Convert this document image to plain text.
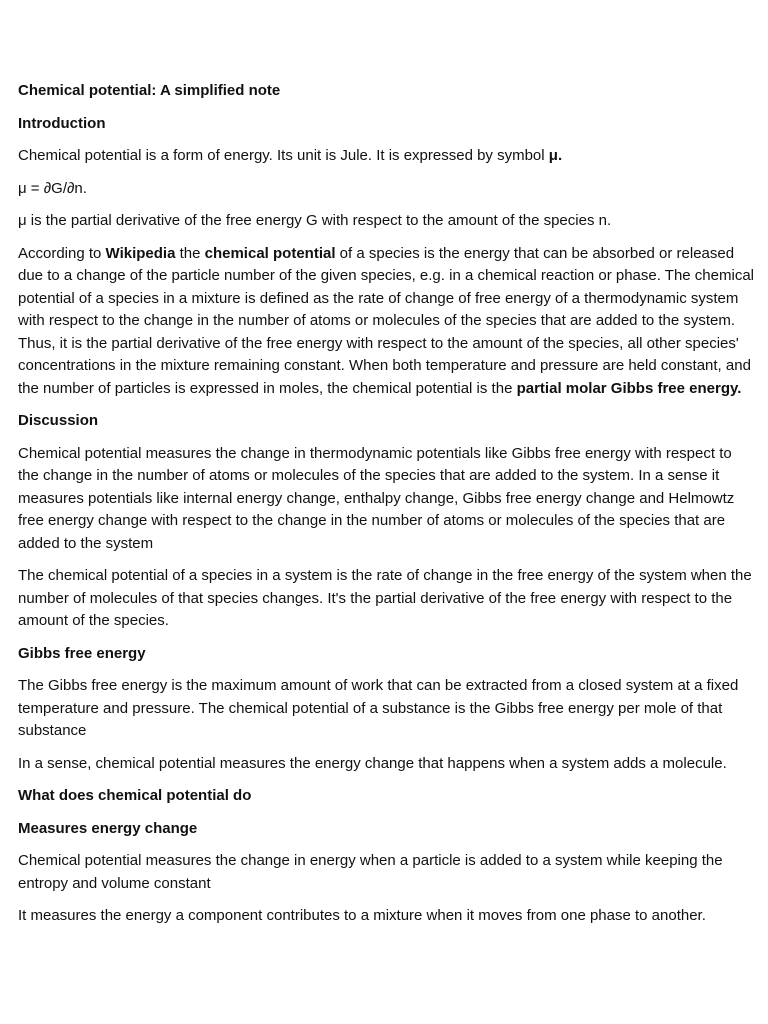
Chemical potential: A simplified note

Introduction

Chemical potential is a form of energy. Its unit is Jule. It is expressed by symbol μ.

μ = ∂G/∂n.

μ is the partial derivative of the free energy G with respect to the amount of the species n.

According to Wikipedia the chemical potential of a species is the energy that can be absorbed or released due to a change of the particle number of the given species, e.g. in a chemical reaction or phase. The chemical potential of a species in a mixture is defined as the rate of change of free energy of a thermodynamic system with respect to the change in the number of atoms or molecules of the species that are added to the system. Thus, it is the partial derivative of the free energy with respect to the amount of the species, all other species' concentrations in the mixture remaining constant. When both temperature and pressure are held constant, and the number of particles is expressed in moles, the chemical potential is the partial molar Gibbs free energy.

Discussion

Chemical potential measures the change in thermodynamic potentials like Gibbs free energy with respect to the change in the number of atoms or molecules of the species that are added to the system. In a sense it measures potentials like internal energy change, enthalpy change, Gibbs free energy change and Helmowtz free energy change with respect to the change in the number of atoms or molecules of the species that are added to the system

The chemical potential of a species in a system is the rate of change in the free energy of the system when the number of molecules of that species changes. It's the partial derivative of the free energy with respect to the amount of the species.

Gibbs free energy

The Gibbs free energy is the maximum amount of work that can be extracted from a closed system at a fixed temperature and pressure. The chemical potential of a substance is the Gibbs free energy per mole of that substance

In a sense, chemical potential measures the energy change that happens when a system adds a molecule.

What does chemical potential do

Measures energy change

Chemical potential measures the change in energy when a particle is added to a system while keeping the entropy and volume constant

It measures the energy a component contributes to a mixture when it moves from one phase to another.
